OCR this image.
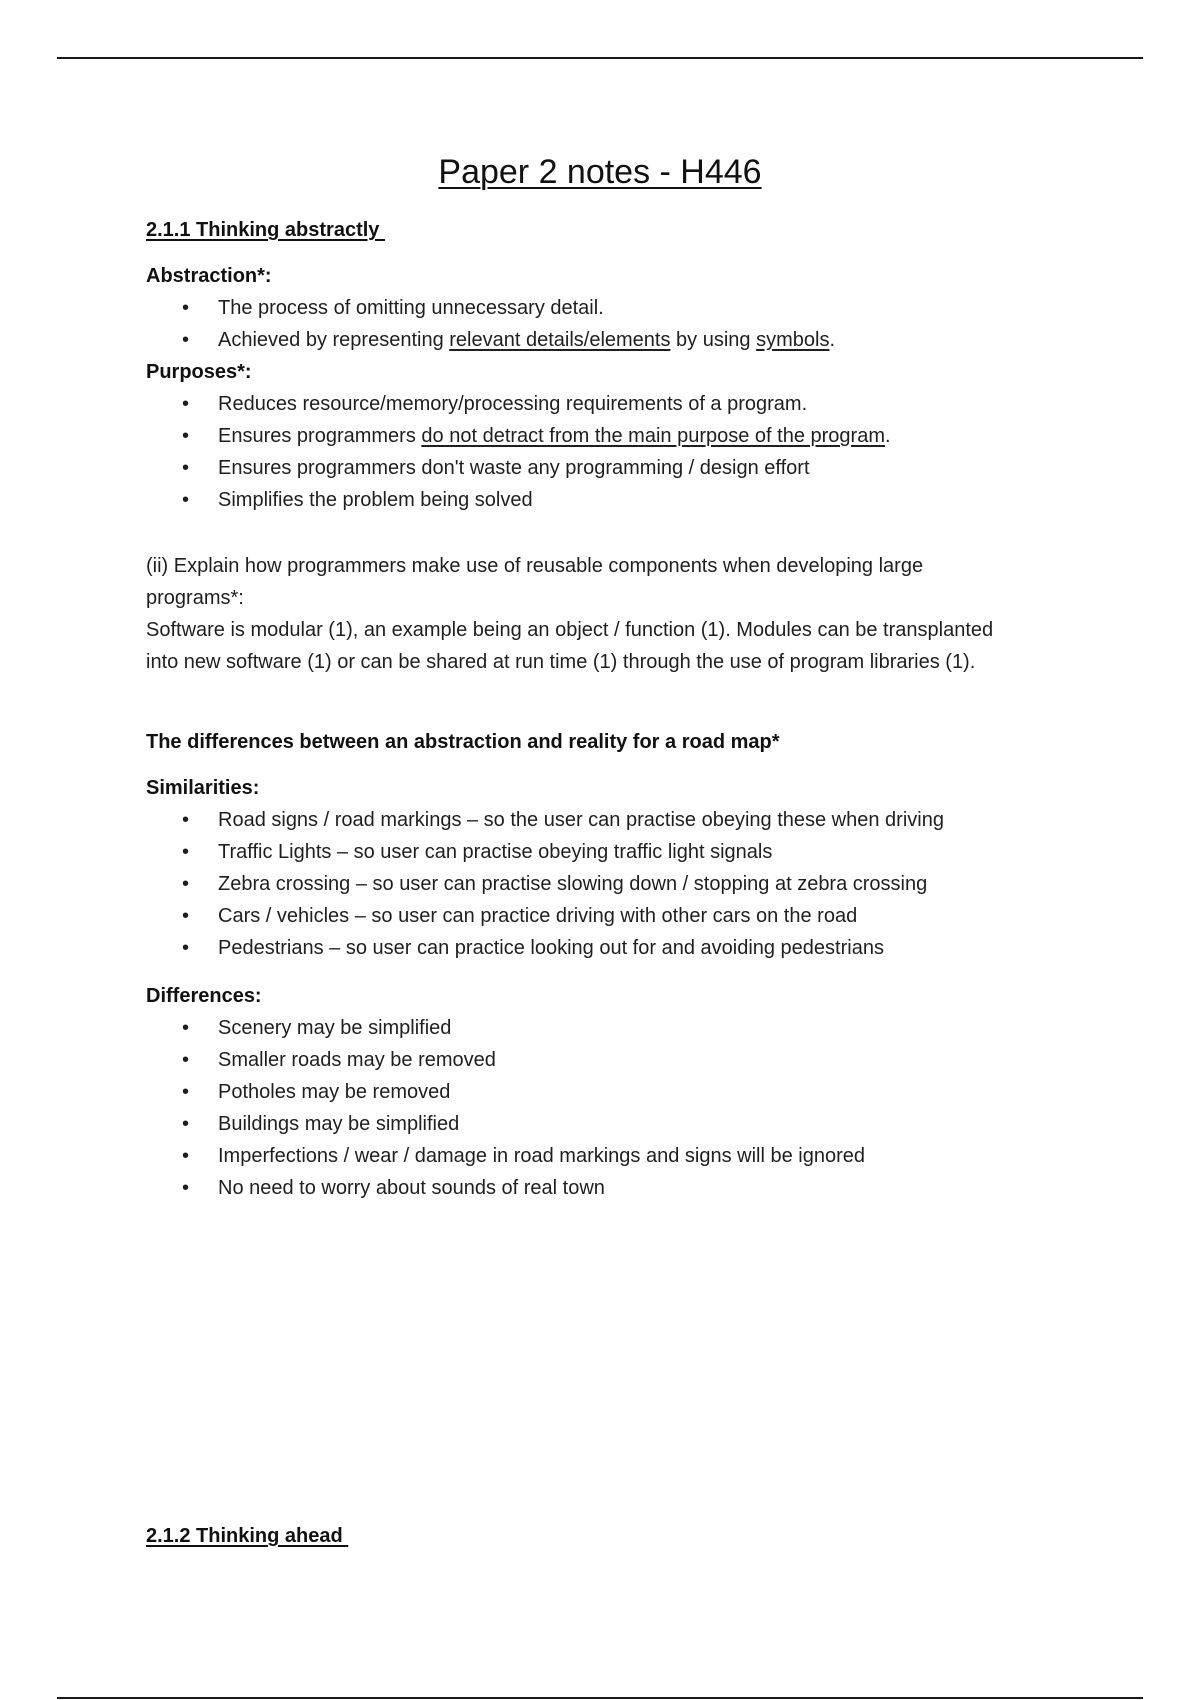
Paper 2 notes - H446
2.1.1 Thinking abstractly
Abstraction*:
• The process of omitting unnecessary detail.
• Achieved by representing relevant details/elements by using symbols.
Purposes*:
• Reduces resource/memory/processing requirements of a program.
• Ensures programmers do not detract from the main purpose of the program.
• Ensures programmers don't waste any programming / design effort
• Simplifies the problem being solved

(ii) Explain how programmers make use of reusable components when developing large programs*:

Software is modular (1), an example being an object / function (1). Modules can be transplanted into new software (1) or can be shared at run time (1) through the use of program libraries (1).

The differences between an abstraction and reality for a road map*
Similarities:
• Road signs / road markings – so the user can practise obeying these when driving
• Traffic Lights – so user can practise obeying traffic light signals
• Zebra crossing – so user can practise slowing down / stopping at zebra crossing
• Cars / vehicles – so user can practice driving with other cars on the road
• Pedestrians – so user can practice looking out for and avoiding pedestrians
Differences:
• Scenery may be simplified
• Smaller roads may be removed
• Potholes may be removed
• Buildings may be simplified
• Imperfections / wear / damage in road markings and signs will be ignored
• No need to worry about sounds of real town
2.1.2 Thinking ahead
